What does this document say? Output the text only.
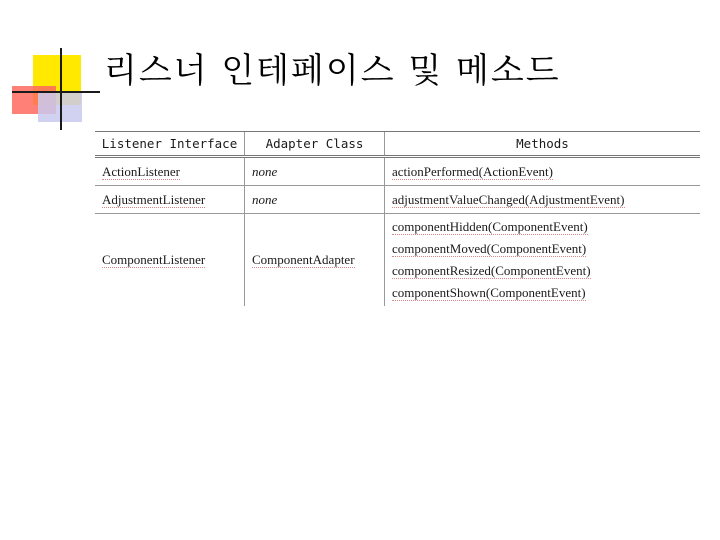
리스너 인테페이스 및 메소드
Listener Interface	Adapter Class	Methods
ActionListener	none	actionPerformed(ActionEvent)
AdjustmentListener	none	adjustmentValueChanged(AdjustmentEvent)
ComponentListener	ComponentAdapter	componentHidden(ComponentEvent)
componentMoved(ComponentEvent)
componentResized(ComponentEvent)
componentShown(ComponentEvent)
